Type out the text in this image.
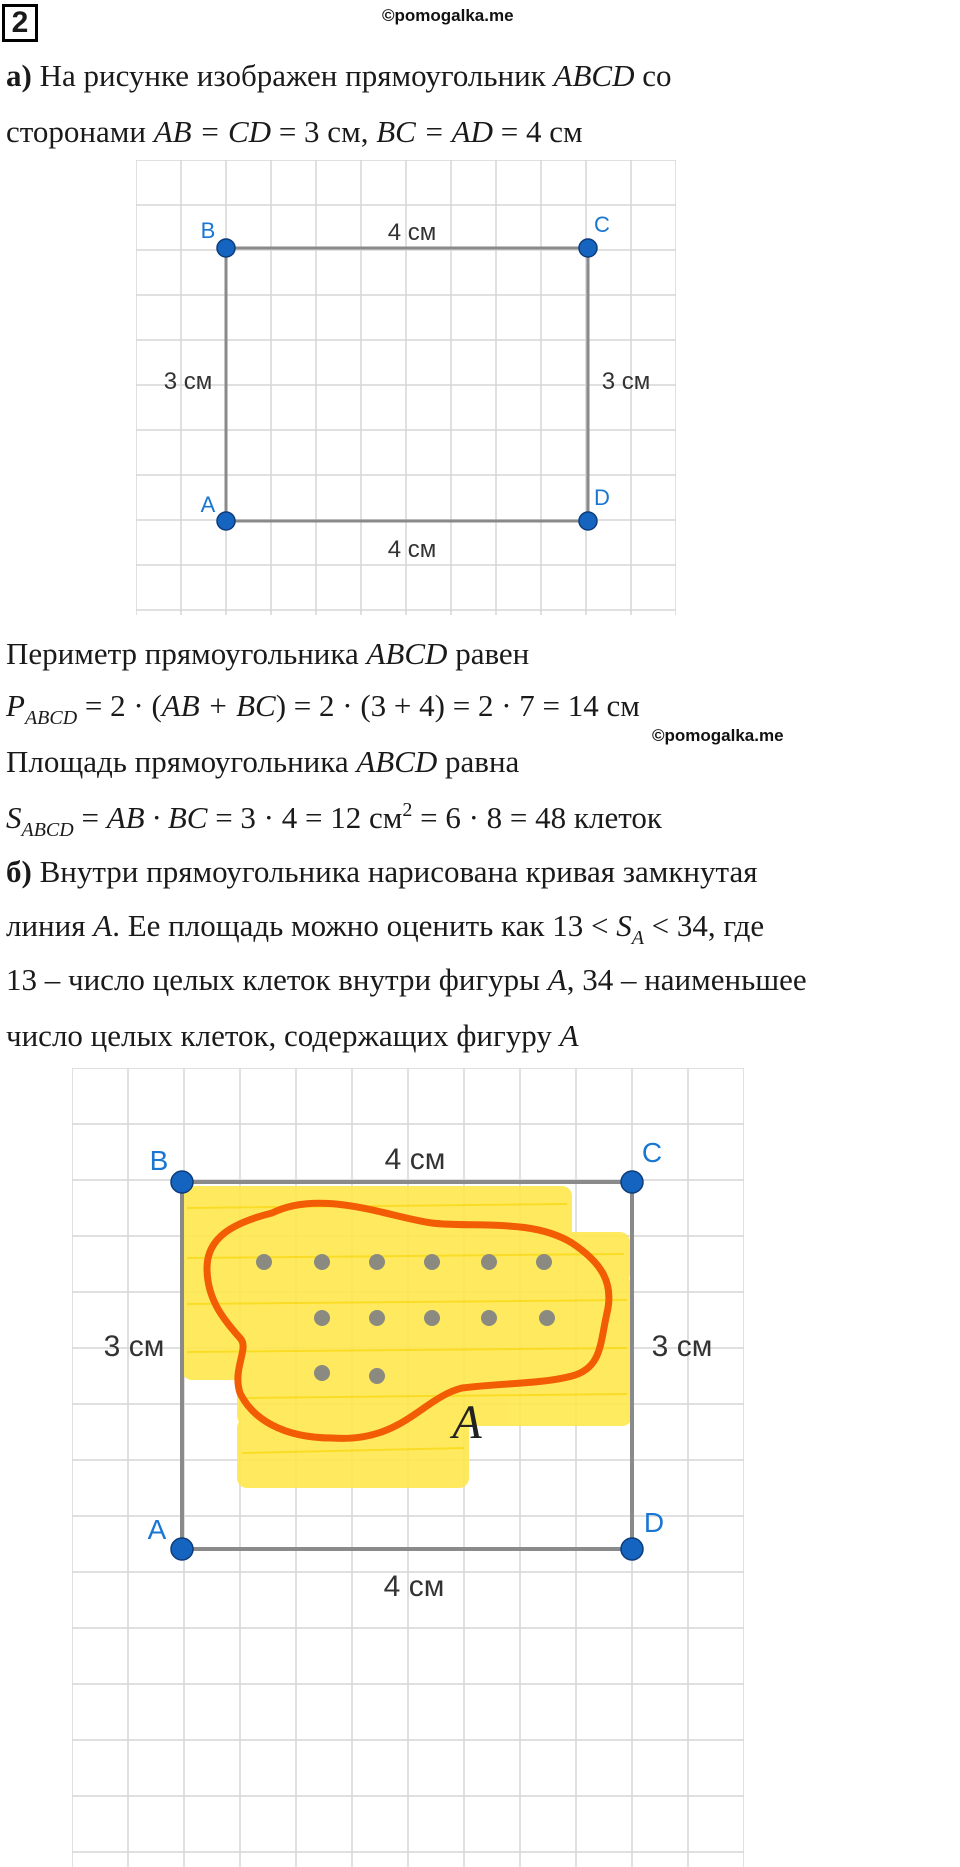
2	©pomogalka.me
а) На рисунке изображен прямоугольник ABCD со
сторонами AB = CD = 3 см, BC = AD = 4 см
B	C
A	D
4 см
4 см
3 см	3 см
Периметр прямоугольника ABCD равен
$P_{ABCD} = 2 \cdot (AB + BC) = 2 \cdot (3 + 4) = 2 \cdot 7 = 14$ см
©pomogalka.me
Площадь прямоугольника ABCD равна
$S_{ABCD}$ = AB · BC = 3 · 4 = 12 $см^2 = 6 \cdot 8 = 48$ клеток
б) Внутри прямоугольника нарисована кривая замкнутая
линия A. Ее площадь можно оценить как $13 < S_A < 34$, где
13 – число целых клеток внутри фигуры A, 34 – наименьшее
число целых клеток, содержащих фигуру A
A
B	C
A	D
4 см
4 см
3 см	3 см
